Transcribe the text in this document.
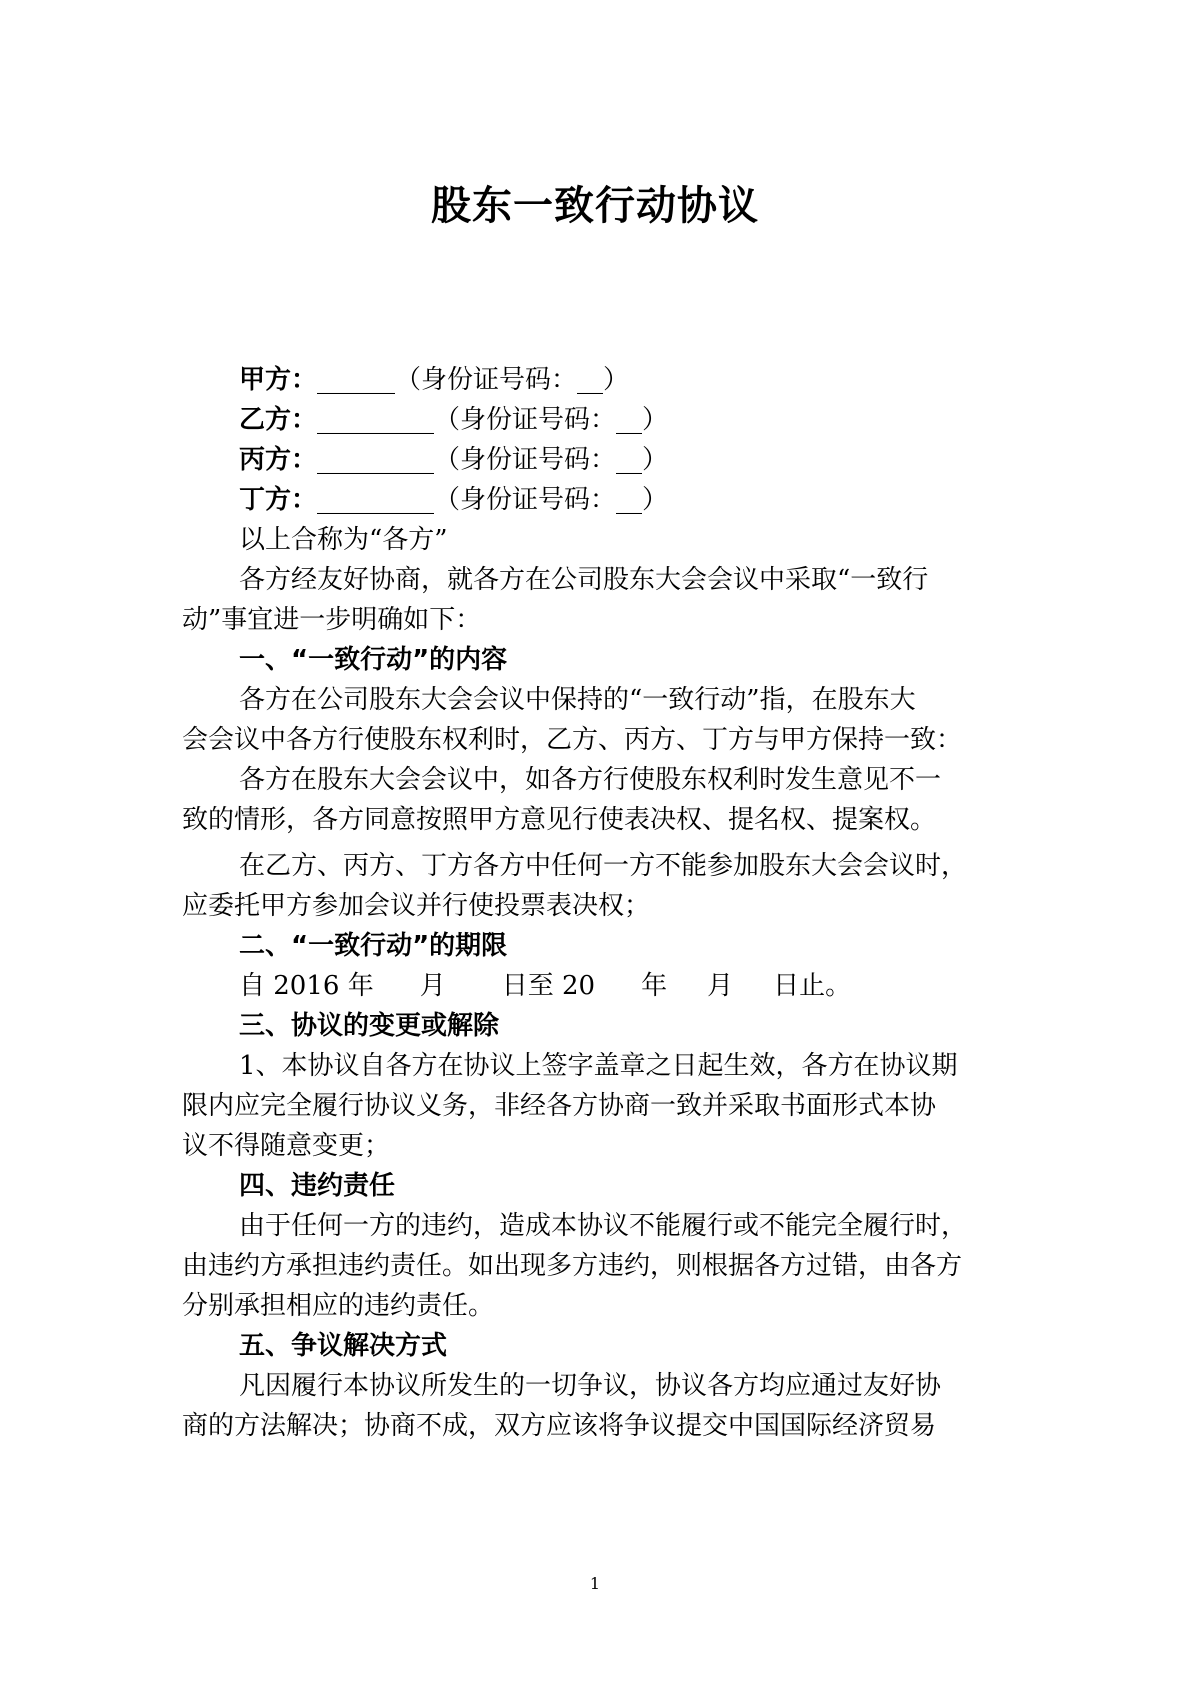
股东一致行动协议
甲方：______（身份证号码：__）
乙方：_________（身份证号码：__）
丙方：_________（身份证号码：__）
丁方：_________（身份证号码：__）
以上合称为“各方”
各方经友好协商，就各方在公司股东大会会议中采取“一致行
动”事宜进一步明确如下：
一、“一致行动”的内容
各方在公司股东大会会议中保持的“一致行动”指，在股东大
会会议中各方行使股东权利时，乙方、丙方、丁方与甲方保持一致：
各方在股东大会会议中，如各方行使股东权利时发生意见不一
致的情形，各方同意按照甲方意见行使表决权、提名权、提案权。
在乙方、丙方、丁方各方中任何一方不能参加股东大会会议时，
应委托甲方参加会议并行使投票表决权；
二、“一致行动”的期限
自 2016 年 月 日至 20 年 月 日止。
三、协议的变更或解除
1、本协议自各方在协议上签字盖章之日起生效，各方在协议期
限内应完全履行协议义务，非经各方协商一致并采取书面形式本协
议不得随意变更；
四、违约责任
由于任何一方的违约，造成本协议不能履行或不能完全履行时，
由违约方承担违约责任。如出现多方违约，则根据各方过错，由各方
分别承担相应的违约责任。
五、争议解决方式
凡因履行本协议所发生的一切争议，协议各方均应通过友好协
商的方法解决；协商不成，双方应该将争议提交中国国际经济贸易
1
